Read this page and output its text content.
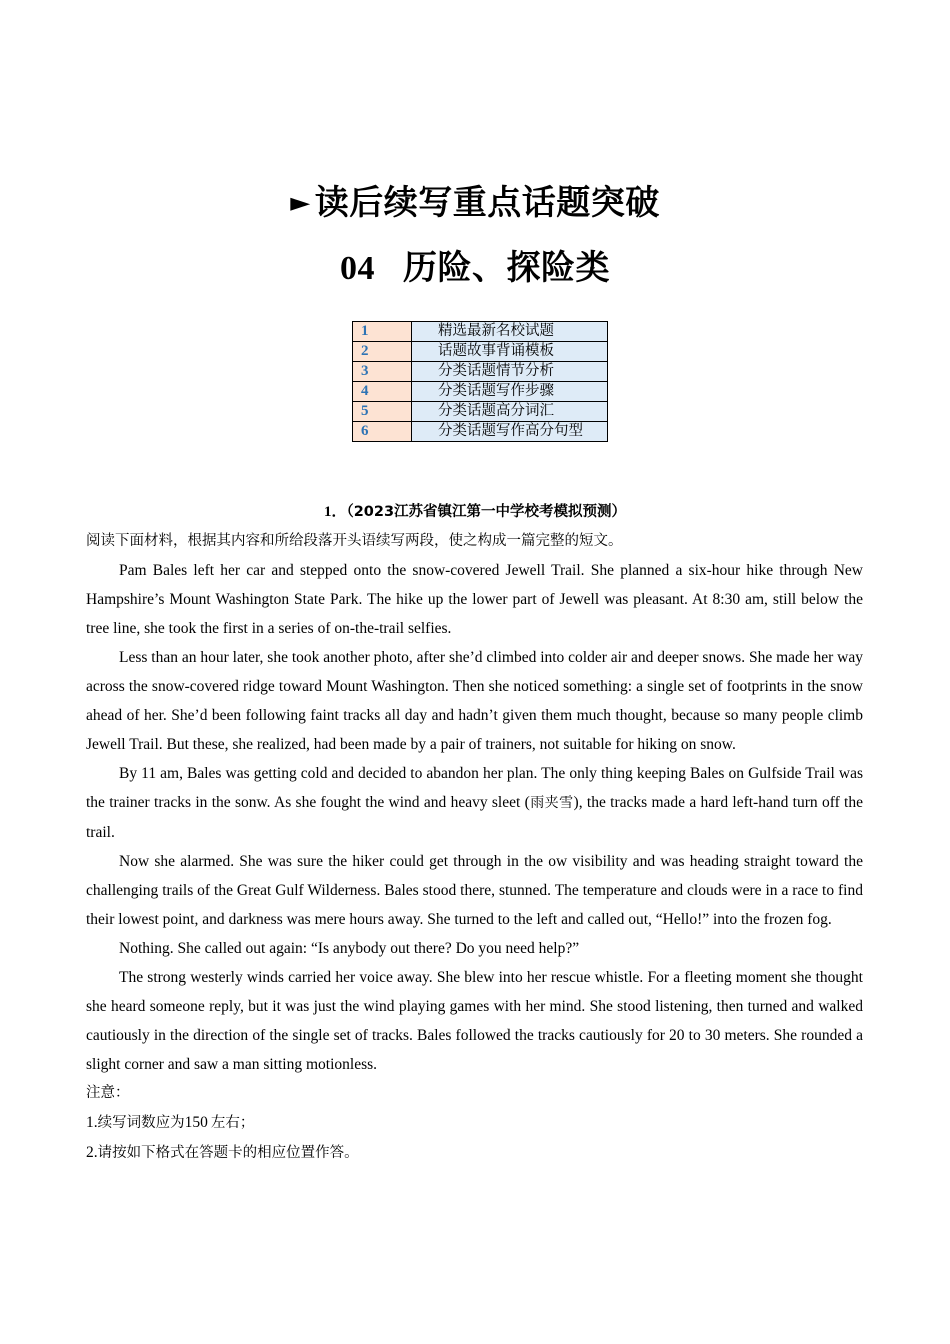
► 读后续写重点话题突破
04 历险、探险类
1	精选最新名校试题
2	话题故事背诵模板
3	分类话题情节分析
4	分类话题写作步骤
5	分类话题高分词汇
6	分类话题写作高分句型
1．（2023江苏省镇江第一中学校考模拟预测）

阅读下面材料，根据其内容和所给段落开头语续写两段，使之构成一篇完整的短文。

Pam Bales left her car and stepped onto the snow-covered Jewell Trail. She planned a six-hour hike through New Hampshire’s Mount Washington State Park. The hike up the lower part of Jewell was pleasant. At 8:30 am, still below the tree line, she took the first in a series of on-the-trail selfies.

Less than an hour later, she took another photo, after she’d climbed into colder air and deeper snows. She made her way across the snow-covered ridge toward Mount Washington. Then she noticed something: a single set of footprints in the snow ahead of her. She’d been following faint tracks all day and hadn’t given them much thought, because so many people climb Jewell Trail. But these, she realized, had been made by a pair of trainers, not suitable for hiking on snow.

By 11 am, Bales was getting cold and decided to abandon her plan. The only thing keeping Bales on Gulfside Trail was the trainer tracks in the sonw. As she fought the wind and heavy sleet (雨夹雪), the tracks made a hard left-hand turn off the trail.

Now she alarmed. She was sure the hiker could get through in the ow visibility and was heading straight toward the challenging trails of the Great Gulf Wilderness. Bales stood there, stunned. The temperature and clouds were in a race to find their lowest point, and darkness was mere hours away. She turned to the left and called out, “Hello!” into the frozen fog.

Nothing. She called out again: “Is anybody out there? Do you need help?”

The strong westerly winds carried her voice away. She blew into her rescue whistle. For a fleeting moment she thought she heard someone reply, but it was just the wind playing games with her mind. She stood listening, then turned and walked cautiously in the direction of the single set of tracks. Bales followed the tracks cautiously for 20 to 30 meters. She rounded a slight corner and saw a man sitting motionless.

注意：

1.续写词数应为150 左右；

2.请按如下格式在答题卡的相应位置作答。
